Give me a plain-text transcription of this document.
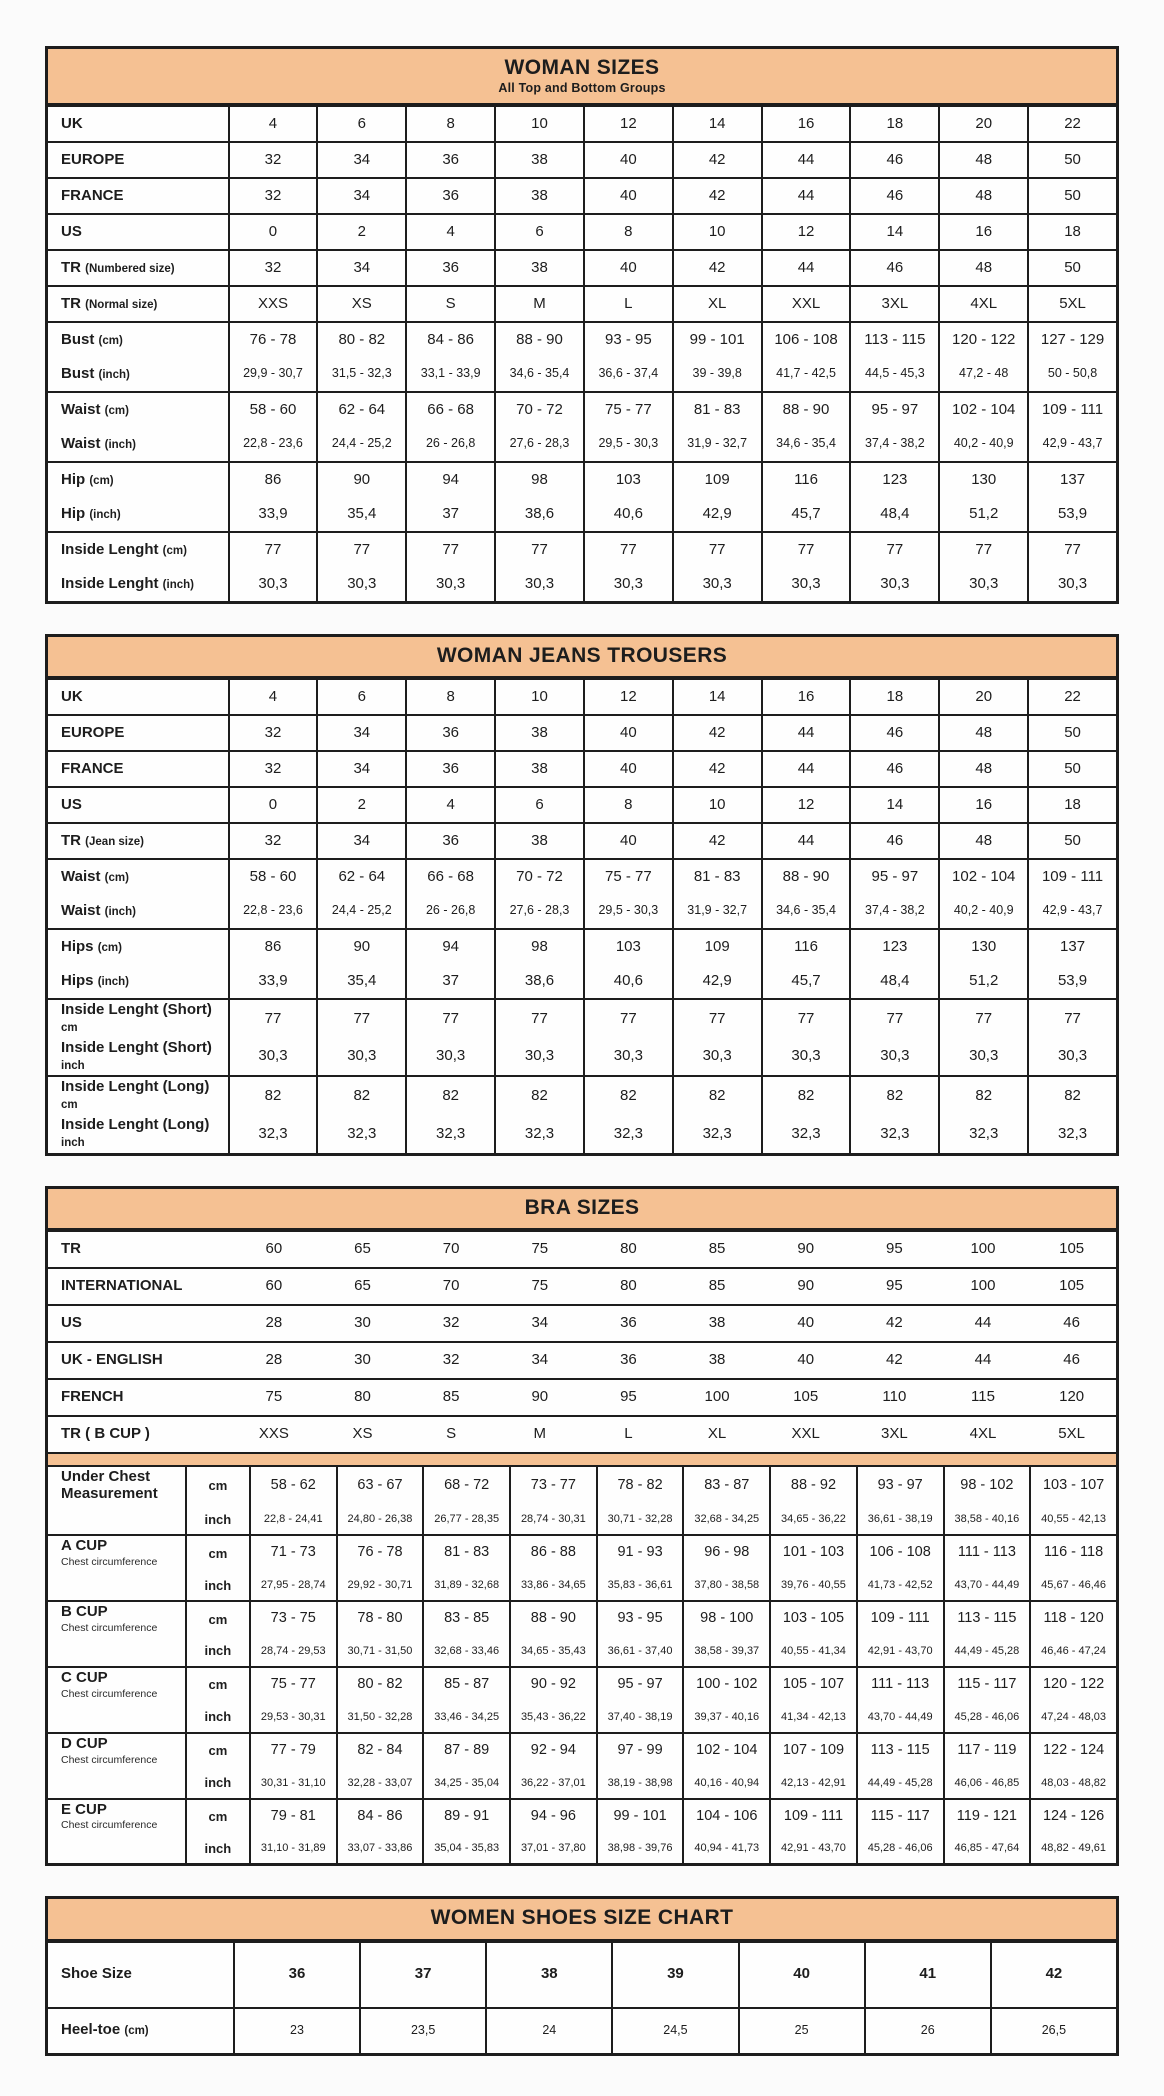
WOMAN SIZES
All Top and Bottom Groups
UK	4	6	8	10	12	14	16	18	20	22
EUROPE	32	34	36	38	40	42	44	46	48	50
FRANCE	32	34	36	38	40	42	44	46	48	50
US	0	2	4	6	8	10	12	14	16	18
TR (Numbered size)	32	34	36	38	40	42	44	46	48	50
TR (Normal size)	XXS	XS	S	M	L	XL	XXL	3XL	4XL	5XL
Bust (cm)	76 - 78	80 - 82	84 - 86	88 - 90	93 - 95	99 - 101	106 - 108	113 - 115	120 - 122	127 - 129
Bust (inch)	29,9 - 30,7	31,5 - 32,3	33,1 - 33,9	34,6 - 35,4	36,6 - 37,4	39 - 39,8	41,7 - 42,5	44,5 - 45,3	47,2 - 48	50 - 50,8
Waist (cm)	58 - 60	62 - 64	66 - 68	70 - 72	75 - 77	81 - 83	88 - 90	95 - 97	102 - 104	109 - 111
Waist (inch)	22,8 - 23,6	24,4 - 25,2	26 - 26,8	27,6 - 28,3	29,5 - 30,3	31,9 - 32,7	34,6 - 35,4	37,4 - 38,2	40,2 - 40,9	42,9 - 43,7
Hip (cm)	86	90	94	98	103	109	116	123	130	137
Hip (inch)	33,9	35,4	37	38,6	40,6	42,9	45,7	48,4	51,2	53,9
Inside Lenght (cm)	77	77	77	77	77	77	77	77	77	77
Inside Lenght (inch)	30,3	30,3	30,3	30,3	30,3	30,3	30,3	30,3	30,3	30,3
WOMAN JEANS TROUSERS
UK	4	6	8	10	12	14	16	18	20	22
EUROPE	32	34	36	38	40	42	44	46	48	50
FRANCE	32	34	36	38	40	42	44	46	48	50
US	0	2	4	6	8	10	12	14	16	18
TR (Jean size)	32	34	36	38	40	42	44	46	48	50
Waist (cm)	58 - 60	62 - 64	66 - 68	70 - 72	75 - 77	81 - 83	88 - 90	95 - 97	102 - 104	109 - 111
Waist (inch)	22,8 - 23,6	24,4 - 25,2	26 - 26,8	27,6 - 28,3	29,5 - 30,3	31,9 - 32,7	34,6 - 35,4	37,4 - 38,2	40,2 - 40,9	42,9 - 43,7
Hips (cm)	86	90	94	98	103	109	116	123	130	137
Hips (inch)	33,9	35,4	37	38,6	40,6	42,9	45,7	48,4	51,2	53,9
Inside Lenght (Short) cm
77	77	77	77	77	77	77	77	77	77
Inside Lenght (Short) inch
30,3	30,3	30,3	30,3	30,3	30,3	30,3	30,3	30,3	30,3
Inside Lenght (Long) cm
82	82	82	82	82	82	82	82	82	82
Inside Lenght (Long) inch
32,3	32,3	32,3	32,3	32,3	32,3	32,3	32,3	32,3	32,3
BRA SIZES
TR	60	65	70	75	80	85	90	95	100	105
INTERNATIONAL	60	65	70	75	80	85	90	95	100	105
US	28	30	32	34	36	38	40	42	44	46
UK - ENGLISH	28	30	32	34	36	38	40	42	44	46
FRENCH	75	80	85	90	95	100	105	110	115	120
TR ( B CUP )	XXS	XS	S	M	L	XL	XXL	3XL	4XL	5XL
Under Chest Measurement	cm	58 - 62	63 - 67	68 - 72	73 - 77	78 - 82	83 - 87	88 - 92	93 - 97	98 - 102	103 - 107
inch	22,8 - 24,41	24,80 - 26,38	26,77 - 28,35	28,74 - 30,31	30,71 - 32,28	32,68 - 34,25	34,65 - 36,22	36,61 - 38,19	38,58 - 40,16	40,55 - 42,13
A CUP
Chest circumference
cm	71 - 73	76 - 78	81 - 83	86 - 88	91 - 93	96 - 98	101 - 103	106 - 108	111 - 113	116 - 118
inch	27,95 - 28,74	29,92 - 30,71	31,89 - 32,68	33,86 - 34,65	35,83 - 36,61	37,80 - 38,58	39,76 - 40,55	41,73 - 42,52	43,70 - 44,49	45,67 - 46,46
B CUP
Chest circumference
cm	73 - 75	78 - 80	83 - 85	88 - 90	93 - 95	98 - 100	103 - 105	109 - 111	113 - 115	118 - 120
inch	28,74 - 29,53	30,71 - 31,50	32,68 - 33,46	34,65 - 35,43	36,61 - 37,40	38,58 - 39,37	40,55 - 41,34	42,91 - 43,70	44,49 - 45,28	46,46 - 47,24
C CUP
Chest circumference
cm	75 - 77	80 - 82	85 - 87	90 - 92	95 - 97	100 - 102	105 - 107	111 - 113	115 - 117	120 - 122
inch	29,53 - 30,31	31,50 - 32,28	33,46 - 34,25	35,43 - 36,22	37,40 - 38,19	39,37 - 40,16	41,34 - 42,13	43,70 - 44,49	45,28 - 46,06	47,24 - 48,03
D CUP
Chest circumference
cm	77 - 79	82 - 84	87 - 89	92 - 94	97 - 99	102 - 104	107 - 109	113 - 115	117 - 119	122 - 124
inch	30,31 - 31,10	32,28 - 33,07	34,25 - 35,04	36,22 - 37,01	38,19 - 38,98	40,16 - 40,94	42,13 - 42,91	44,49 - 45,28	46,06 - 46,85	48,03 - 48,82
E CUP
Chest circumference
cm	79 - 81	84 - 86	89 - 91	94 - 96	99 - 101	104 - 106	109 - 111	115 - 117	119 - 121	124 - 126
inch	31,10 - 31,89	33,07 - 33,86	35,04 - 35,83	37,01 - 37,80	38,98 - 39,76	40,94 - 41,73	42,91 - 43,70	45,28 - 46,06	46,85 - 47,64	48,82 - 49,61
WOMEN SHOES SIZE CHART
Shoe Size	36	37	38	39	40	41	42
Heel-toe (cm)	23	23,5	24	24,5	25	26	26,5
